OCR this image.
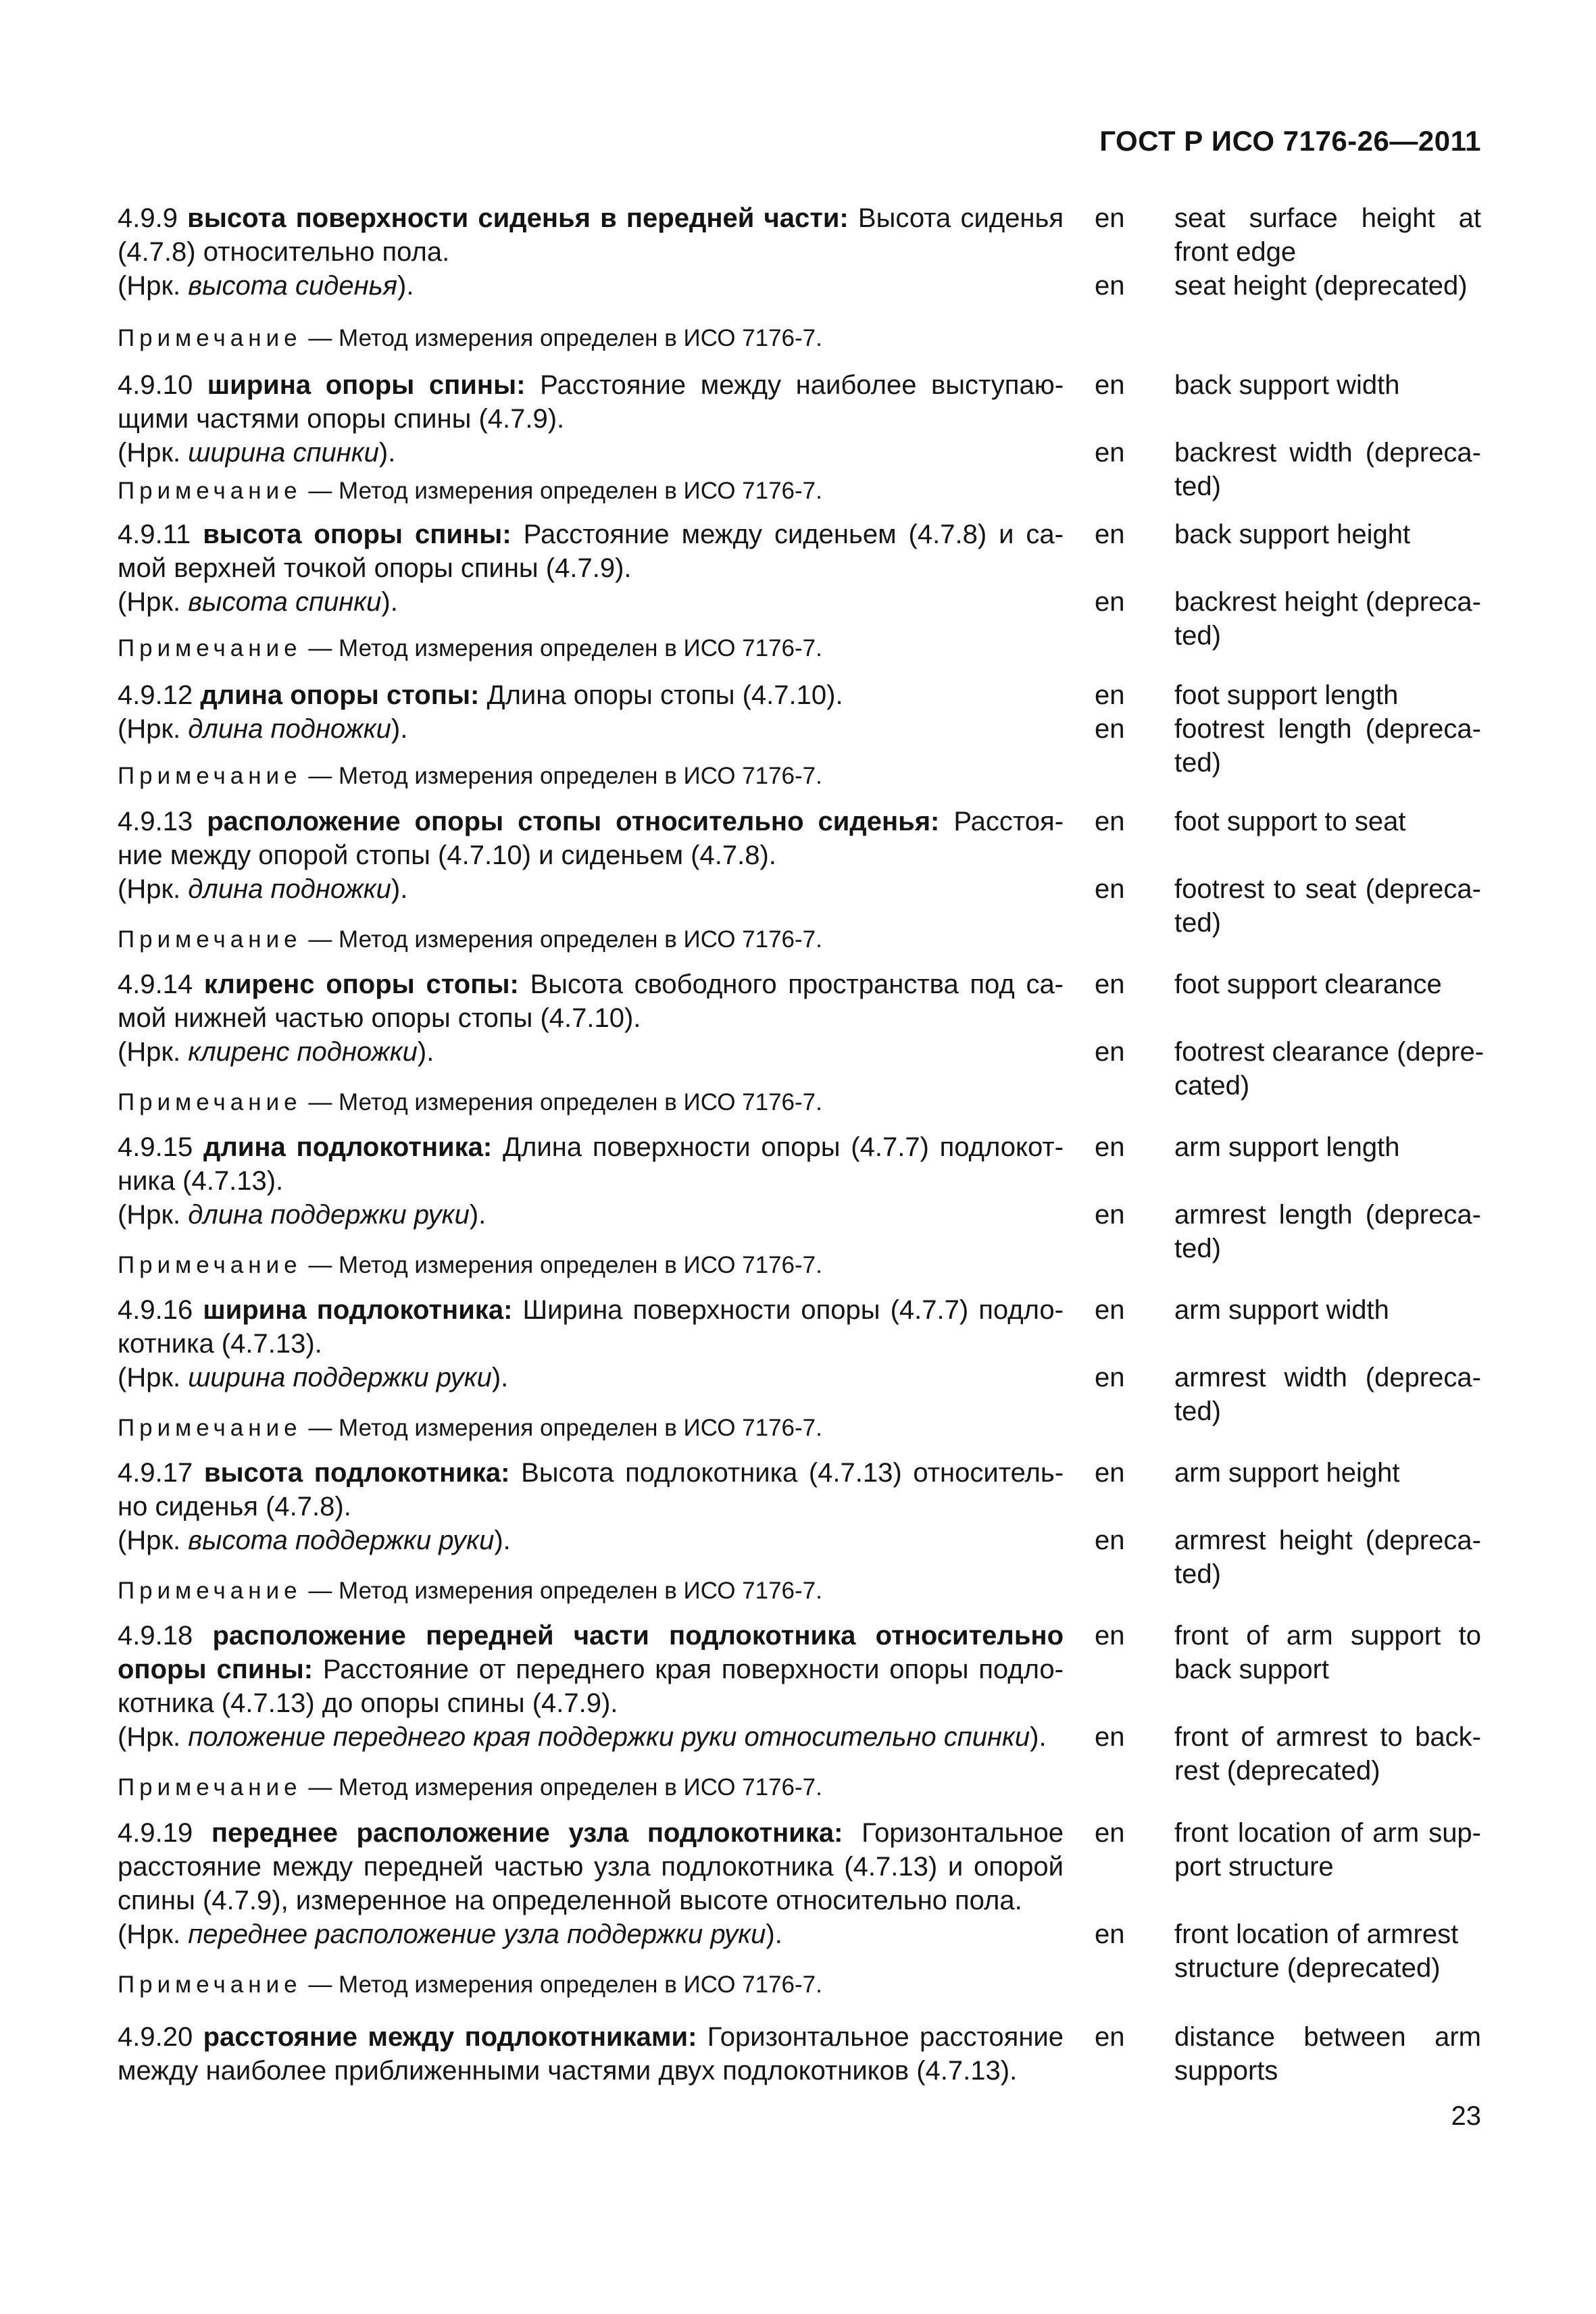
ГОСТ Р ИСО 7176-26—2011
4.9.9 высота поверхности сиденья в передней части: Высота сиденья
(4.7.8) относительно пола.
(Нрк. высота сиденья).
Примечание — Метод измерения определен в ИСО 7176-7.
en
en
seat surface height at
front edge
seat height (deprecated)
4.9.10 ширина опоры спины: Расстояние между наиболее выступаю-
щими частями опоры спины (4.7.9).
(Нрк. ширина спинки).
Примечание — Метод измерения определен в ИСО 7176-7.
en
en
back support width
backrest width (depreca-
ted)
4.9.11 высота опоры спины: Расстояние между сиденьем (4.7.8) и са-
мой верхней точкой опоры спины (4.7.9).
(Нрк. высота спинки).
Примечание — Метод измерения определен в ИСО 7176-7.
en
en
back support height
backrest height (depreca-
ted)
4.9.12 длина опоры стопы: Длина опоры стопы (4.7.10).
(Нрк. длина подножки).
Примечание — Метод измерения определен в ИСО 7176-7.
en
en
foot support length
footrest length (depreca-
ted)
4.9.13 расположение опоры стопы относительно сиденья: Расстоя-
ние между опорой стопы (4.7.10) и сиденьем (4.7.8).
(Нрк. длина подножки).
Примечание — Метод измерения определен в ИСО 7176-7.
en
en
foot support to seat
footrest to seat (depreca-
ted)
4.9.14 клиренс опоры стопы: Высота свободного пространства под са-
мой нижней частью опоры стопы (4.7.10).
(Нрк. клиренс подножки).
Примечание — Метод измерения определен в ИСО 7176-7.
en
en
foot support clearance
footrest clearance (depre-
cated)
4.9.15 длина подлокотника: Длина поверхности опоры (4.7.7) подлокот-
ника (4.7.13).
(Нрк. длина поддержки руки).
Примечание — Метод измерения определен в ИСО 7176-7.
en
en
arm support length
armrest length (depreca-
ted)
4.9.16 ширина подлокотника: Ширина поверхности опоры (4.7.7) подло-
котника (4.7.13).
(Нрк. ширина поддержки руки).
Примечание — Метод измерения определен в ИСО 7176-7.
en
en
arm support width
armrest width (depreca-
ted)
4.9.17 высота подлокотника: Высота подлокотника (4.7.13) относитель-
но сиденья (4.7.8).
(Нрк. высота поддержки руки).
Примечание — Метод измерения определен в ИСО 7176-7.
en
en
arm support height
armrest height (depreca-
ted)
4.9.18 расположение передней части подлокотника относительно
опоры спины: Расстояние от переднего края поверхности опоры подло-
котника (4.7.13) до опоры спины (4.7.9).
(Нрк. положение переднего края поддержки руки относительно спинки).
Примечание — Метод измерения определен в ИСО 7176-7.
en
en
front of arm support to
back support
front of armrest to back-
rest (deprecated)
4.9.19 переднее расположение узла подлокотника: Горизонтальное
расстояние между передней частью узла подлокотника (4.7.13) и опорой
спины (4.7.9), измеренное на определенной высоте относительно пола.
(Нрк. переднее расположение узла поддержки руки).
Примечание — Метод измерения определен в ИСО 7176-7.
en
en
front location of arm sup-
port structure
front location of armrest
structure (deprecated)
4.9.20 расстояние между подлокотниками: Горизонтальное расстояние
между наиболее приближенными частями двух подлокотников (4.7.13).
en	distance between arm
supports
23
